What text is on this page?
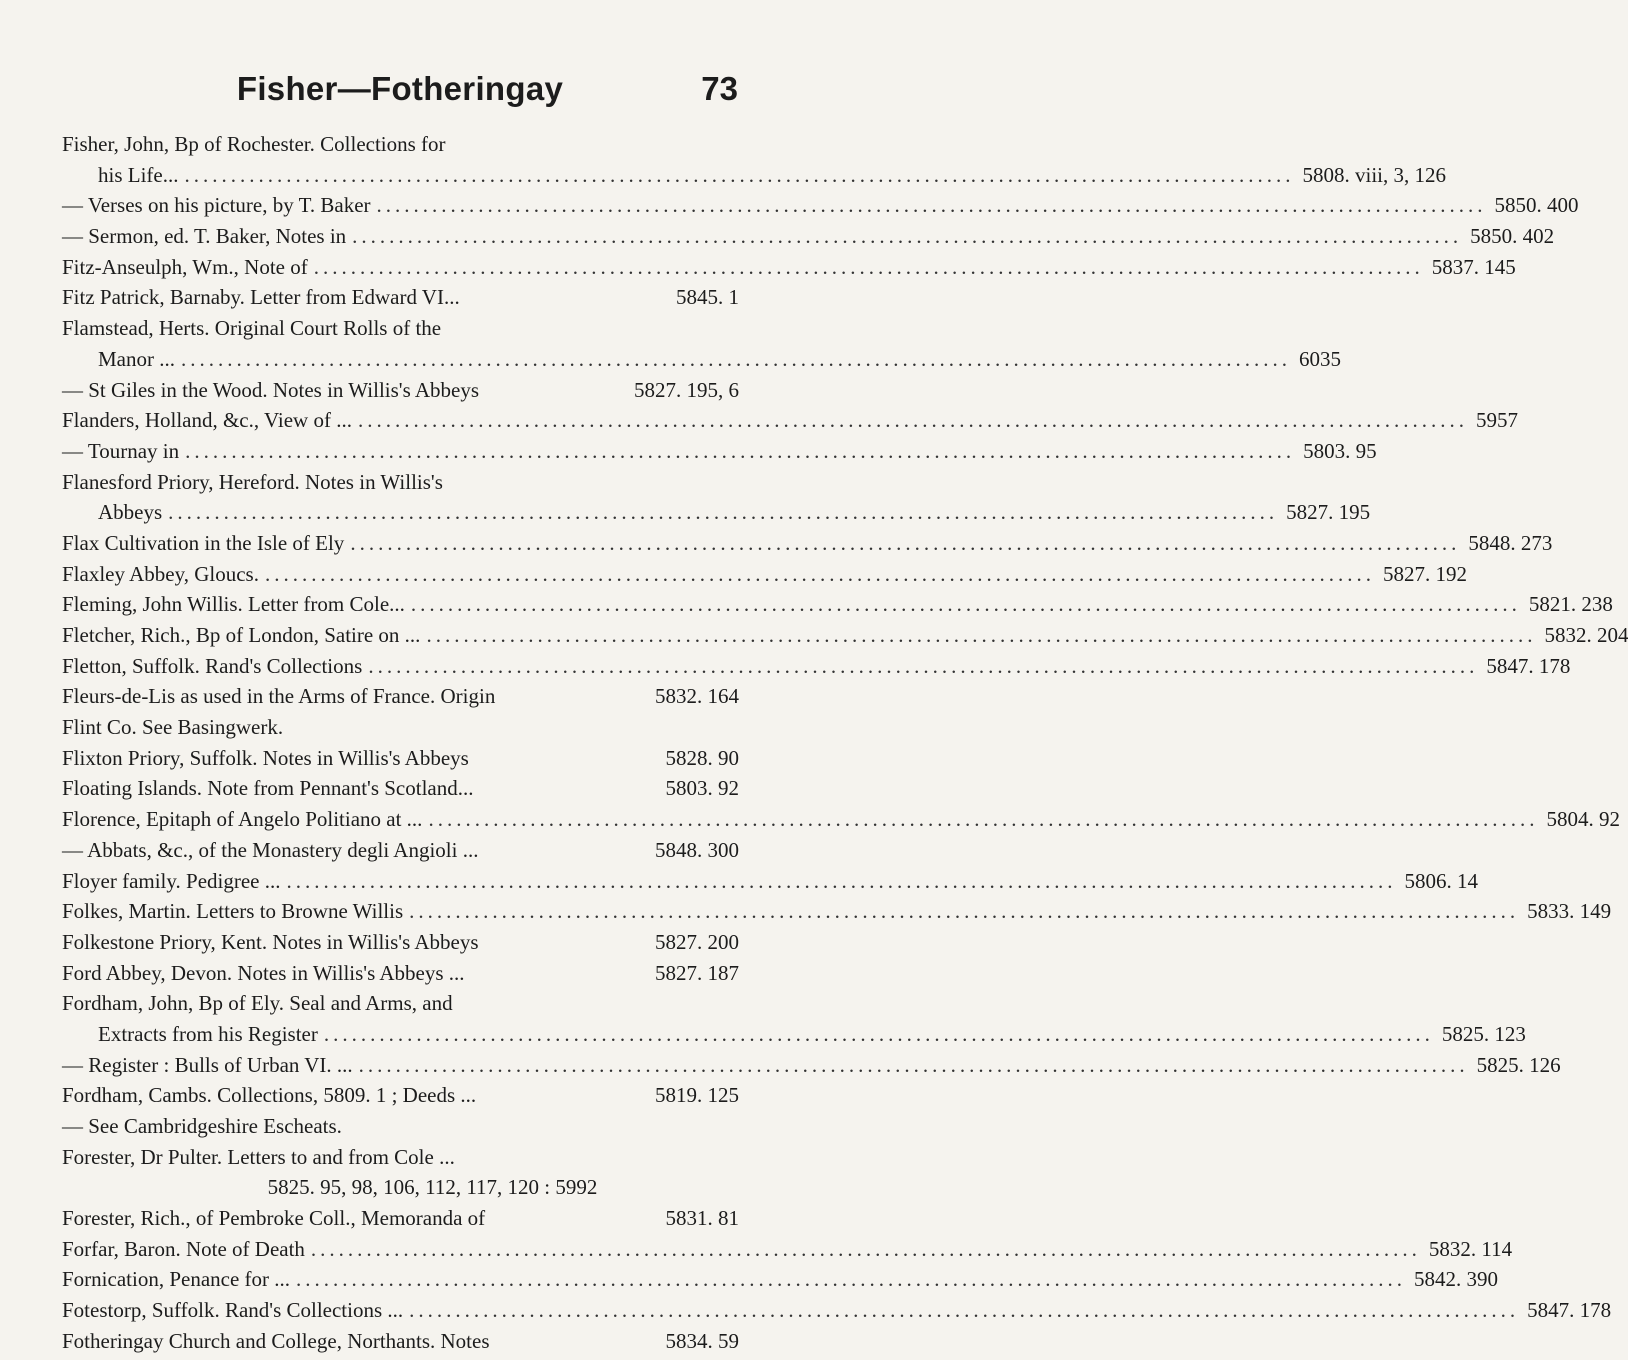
Fisher—Fotheringay	73
Fisher, John, Bp of Rochester. Collections for
his Life... ........................................................................................................................ 5808. viii, 3, 126
— Verses on his picture, by T. Baker ........................................................................................................................ 5850. 400
— Sermon, ed. T. Baker, Notes in ........................................................................................................................ 5850. 402
Fitz-Anseulph, Wm., Note of ........................................................................................................................ 5837. 145
Fitz Patrick, Barnaby. Letter from Edward VI...	5845. 1
Flamstead, Herts. Original Court Rolls of the
Manor ... ........................................................................................................................ 6035
— St Giles in the Wood. Notes in Willis's Abbeys	5827. 195, 6
Flanders, Holland, &c., View of ... ........................................................................................................................ 5957
— Tournay in ........................................................................................................................ 5803. 95
Flanesford Priory, Hereford. Notes in Willis's
Abbeys ........................................................................................................................ 5827. 195
Flax Cultivation in the Isle of Ely ........................................................................................................................ 5848. 273
Flaxley Abbey, Gloucs. ........................................................................................................................ 5827. 192
Fleming, John Willis. Letter from Cole... ........................................................................................................................ 5821. 238
Fletcher, Rich., Bp of London, Satire on ... ........................................................................................................................ 5832. 204
Fletton, Suffolk. Rand's Collections ........................................................................................................................ 5847. 178
Fleurs-de-Lis as used in the Arms of France. Origin	5832. 164
Flint Co. See Basingwerk.
Flixton Priory, Suffolk. Notes in Willis's Abbeys	5828. 90
Floating Islands. Note from Pennant's Scotland...	5803. 92
Florence, Epitaph of Angelo Politiano at ... ........................................................................................................................ 5804. 92
— Abbats, &c., of the Monastery degli Angioli ...	5848. 300
Floyer family. Pedigree ... ........................................................................................................................ 5806. 14
Folkes, Martin. Letters to Browne Willis ........................................................................................................................ 5833. 149
Folkestone Priory, Kent. Notes in Willis's Abbeys	5827. 200
Ford Abbey, Devon. Notes in Willis's Abbeys ...	5827. 187
Fordham, John, Bp of Ely. Seal and Arms, and
Extracts from his Register ........................................................................................................................ 5825. 123
— Register : Bulls of Urban VI. ... ........................................................................................................................ 5825. 126
Fordham, Cambs. Collections, 5809. 1 ; Deeds ...	5819. 125
— See Cambridgeshire Escheats.
Forester, Dr Pulter. Letters to and from Cole ...
5825. 95, 98, 106, 112, 117, 120 : 5992
Forester, Rich., of Pembroke Coll., Memoranda of	5831. 81
Forfar, Baron. Note of Death ........................................................................................................................ 5832. 114
Fornication, Penance for ... ........................................................................................................................ 5842. 390
Fotestorp, Suffolk. Rand's Collections ... ........................................................................................................................ 5847. 178
Fotheringay Church and College, Northants. Notes	5834. 59
